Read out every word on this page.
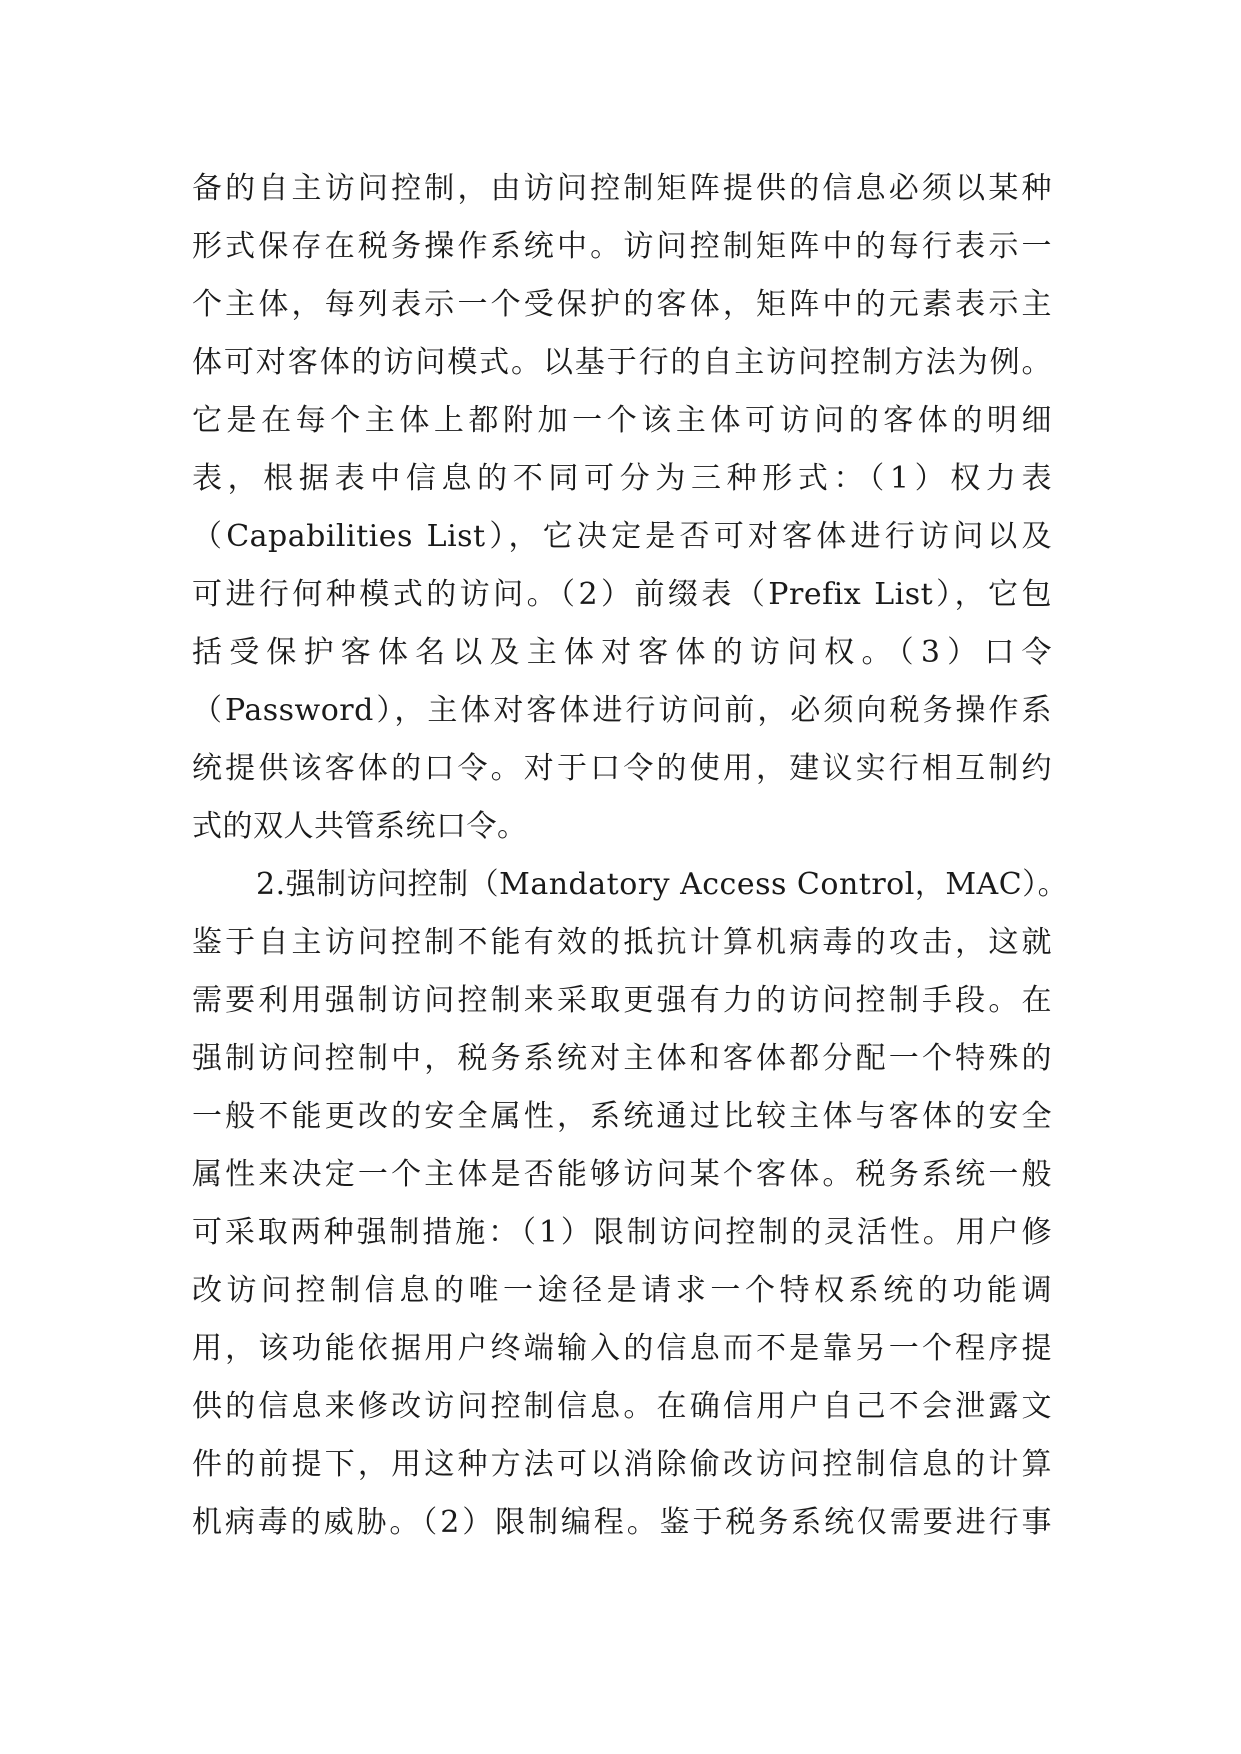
备的自主访问控制，由访问控制矩阵提供的信息必须以某种
形式保存在税务操作系统中。访问控制矩阵中的每行表示一
个主体，每列表示一个受保护的客体，矩阵中的元素表示主
体可对客体的访问模式。以基于行的自主访问控制方法为例。
它是在每个主体上都附加一个该主体可访问的客体的明细
表，根据表中信息的不同可分为三种形式：（1）权力表
（Capabilities List），它决定是否可对客体进行访问以及
可进行何种模式的访问。（2）前缀表（Prefix List），它包
括受保护客体名以及主体对客体的访问权。（3）口令
（Password），主体对客体进行访问前，必须向税务操作系
统提供该客体的口令。对于口令的使用，建议实行相互制约
式的双人共管系统口令。
2.强制访问控制（Mandatory Access Control，MAC）。
鉴于自主访问控制不能有效的抵抗计算机病毒的攻击，这就
需要利用强制访问控制来采取更强有力的访问控制手段。在
强制访问控制中，税务系统对主体和客体都分配一个特殊的
一般不能更改的安全属性，系统通过比较主体与客体的安全
属性来决定一个主体是否能够访问某个客体。税务系统一般
可采取两种强制措施：（1）限制访问控制的灵活性。用户修
改访问控制信息的唯一途径是请求一个特权系统的功能调
用，该功能依据用户终端输入的信息而不是靠另一个程序提
供的信息来修改访问控制信息。在确信用户自己不会泄露文
件的前提下，用这种方法可以消除偷改访问控制信息的计算
机病毒的威胁。（2）限制编程。鉴于税务系统仅需要进行事
